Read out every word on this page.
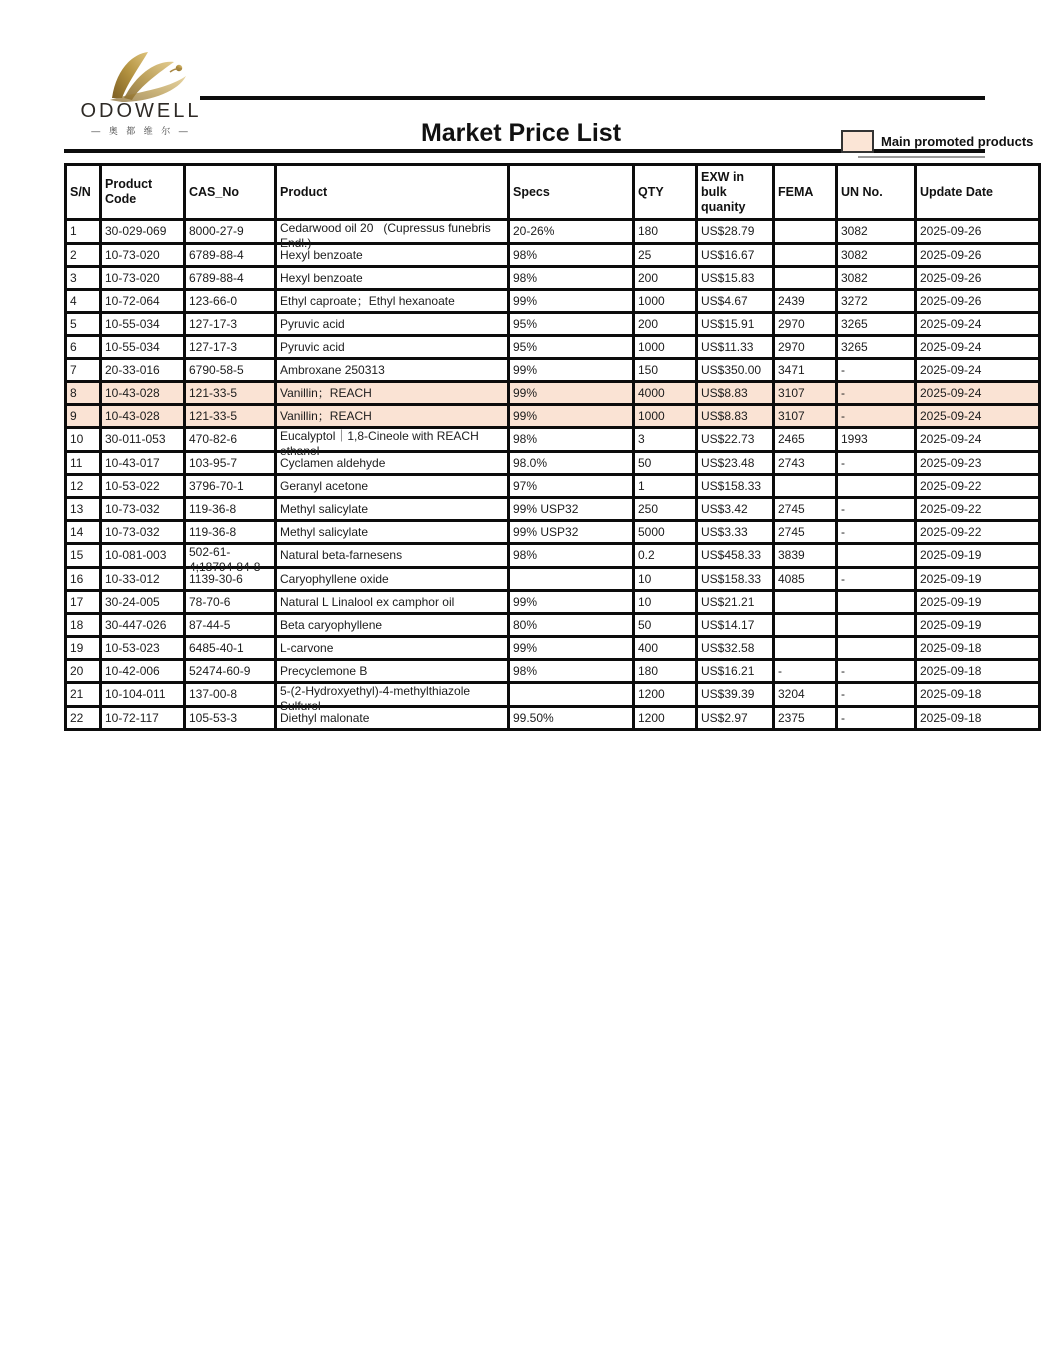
ODOWELL
— 奥 都 维 尔 —	Market Price List	Main promoted products
S/N	Product Code	CAS_No	Product	Specs	QTY	EXW in bulk quanity	FEMA	UN No.	Update Date

1	30-029-069	8000-27-9	Cedarwood oil 20   (Cupressus funebris
Endl.)	20-26%	180	US$28.79		3082	2025-09-26

2	10-73-020	6789-88-4	Hexyl benzoate	98%	25	US$16.67		3082	2025-09-26

3	10-73-020	6789-88-4	Hexyl benzoate	98%	200	US$15.83		3082	2025-09-26

4	10-72-064	123-66-0	Ethyl caproate；Ethyl hexanoate	99%	1000	US$4.67	2439	3272	2025-09-26

5	10-55-034	127-17-3	Pyruvic acid	95%	200	US$15.91	2970	3265	2025-09-24

6	10-55-034	127-17-3	Pyruvic acid	95%	1000	US$11.33	2970	3265	2025-09-24

7	20-33-016	6790-58-5	Ambroxane 250313	99%	150	US$350.00	3471	-	2025-09-24

8	10-43-028	121-33-5	Vanillin；REACH	99%	4000	US$8.83	3107	-	2025-09-24

9	10-43-028	121-33-5	Vanillin；REACH	99%	1000	US$8.83	3107	-	2025-09-24

10	30-011-053	470-82-6	Eucalyptol｜1,8-Cineole with REACH
ethanol	98%	3	US$22.73	2465	1993	2025-09-24

11	10-43-017	103-95-7	Cyclamen aldehyde	98.0%	50	US$23.48	2743	-	2025-09-23

12	10-53-022	3796-70-1	Geranyl acetone	97%	1	US$158.33			2025-09-22

13	10-73-032	119-36-8	Methyl salicylate	99% USP32	250	US$3.42	2745	-	2025-09-22

14	10-73-032	119-36-8	Methyl salicylate	99% USP32	5000	US$3.33	2745	-	2025-09-22

15	10-081-003	502-61-
4;18794-84-8	Natural beta-farnesens	98%	0.2	US$458.33	3839		2025-09-19

16	10-33-012	1139-30-6	Caryophyllene oxide		10	US$158.33	4085	-	2025-09-19

17	30-24-005	78-70-6	Natural L Linalool ex camphor oil	99%	10	US$21.21			2025-09-19

18	30-447-026	87-44-5	Beta caryophyllene	80%	50	US$14.17			2025-09-19

19	10-53-023	6485-40-1	L-carvone	99%	400	US$32.58			2025-09-18

20	10-42-006	52474-60-9	Precyclemone B	98%	180	US$16.21	-	-	2025-09-18

21	10-104-011	137-00-8	5-(2-Hydroxyethyl)-4-methylthiazole
Sulfurol		1200	US$39.39	3204	-	2025-09-18

22	10-72-117	105-53-3	Diethyl malonate	99.50%	1200	US$2.97	2375	-	2025-09-18
